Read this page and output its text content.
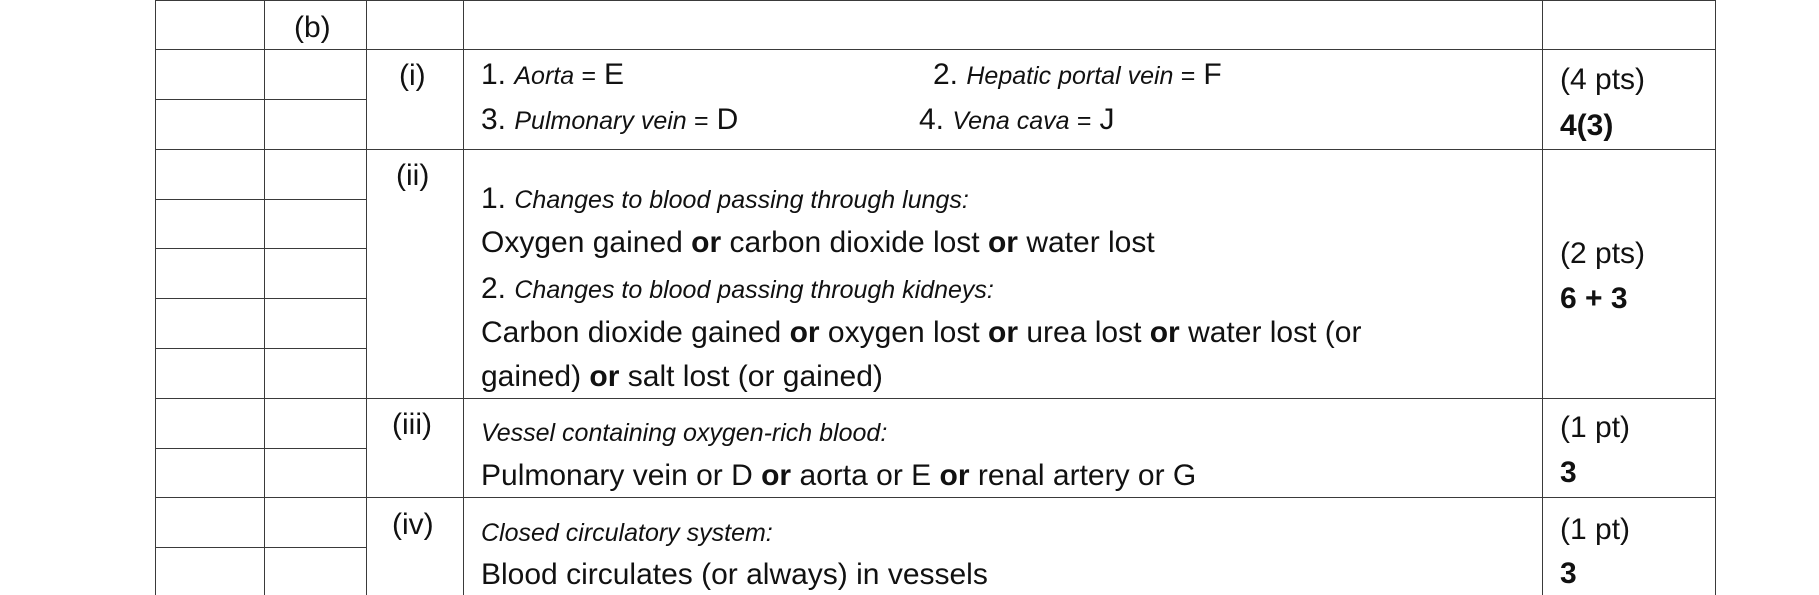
(b)
(i) 1. Aorta = E	2. Hepatic portal vein = F
3. Pulmonary vein = D	4. Vena cava = J
(4 pts)
4(3)
(ii)
1. Changes to blood passing through lungs:
Oxygen gained or carbon dioxide lost or water lost
2. Changes to blood passing through kidneys:
Carbon dioxide gained or oxygen lost or urea lost or water lost (or
gained) or salt lost (or gained)
(2 pts)
6 + 3
(iii) Vessel containing oxygen-rich blood:
Pulmonary vein or D or aorta or E or renal artery or G
(1 pt)
3
(iv) Closed circulatory system:
Blood circulates (or always) in vessels
(1 pt)
3
